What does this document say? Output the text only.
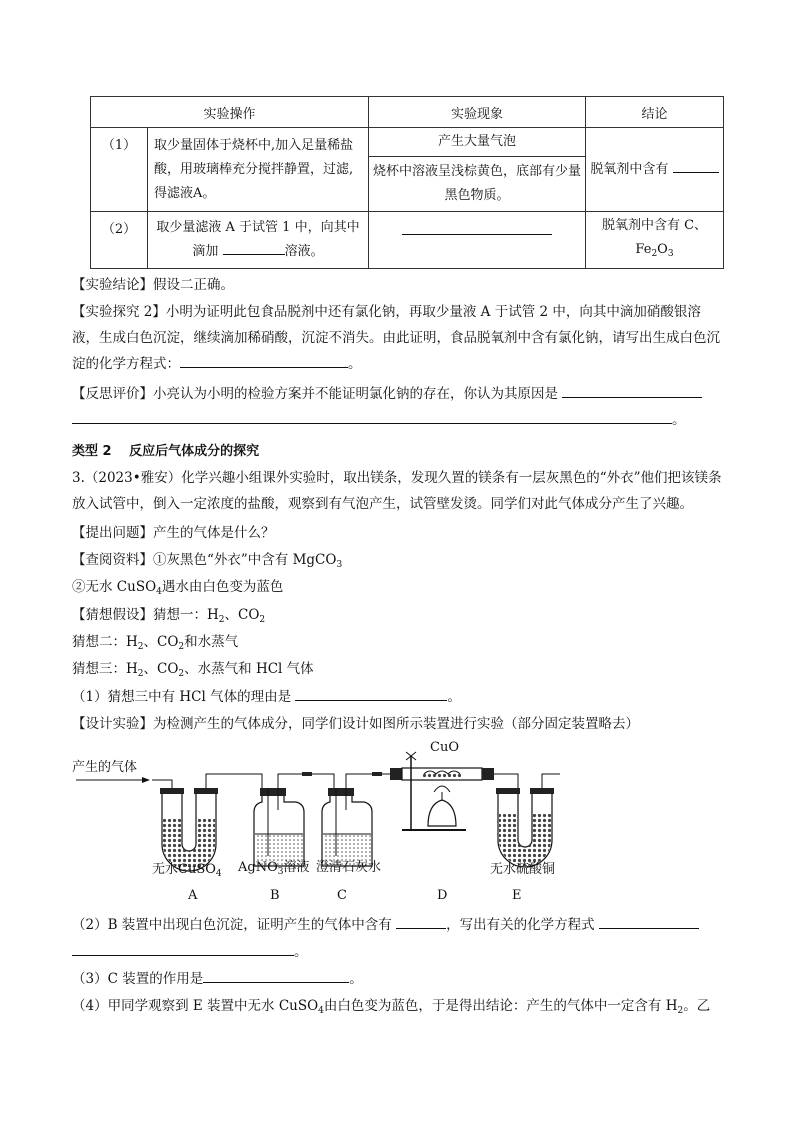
实验操作		实验现象	结论
（1）	取少量固体于烧杯中,加入足量稀盐酸，用玻璃棒充分搅拌静置，过滤,得滤液A。	产生大量气泡	脱氧剂中含有
		烧杯中溶液呈浅棕黄色，底部有少量黑色物质。	
（2）	取少量滤液 A 于试管 1 中，向其中滴加 溶液。		脱氧剂中含有 C、$Fe_2O_3$
【实验结论】假设二正确。
【实验探究 2】小明为证明此包食品脱剂中还有氯化钠，再取少量液 A 于试管 2 中，向其中滴加硝酸银溶液，生成白色沉淀，继续滴加稀硝酸，沉淀不消失。由此证明，食品脱氧剂中含有氯化钠，请写出生成白色沉淀的化学方程式：	。
【反思评价】小亮认为小明的检验方案并不能证明氯化钠的存在，你认为其原因是
。
类型 2　 反应后气体成分的探究
3.（2023•雅安）化学兴趣小组课外实验时，取出镁条，发现久置的镁条有一层灰黑色的“外衣”他们把该镁条放入试管中，倒入一定浓度的盐酸，观察到有气泡产生，试管壁发烫。同学们对此气体成分产生了兴趣。
【提出问题】产生的气体是什么？
【查阅资料】①灰黑色“外衣”中含有 MgCO$_3$
②无水 CuSO$_4$遇水由白色变为蓝色
【猜想假设】猜想一：$H_2$、$CO_2$
猜想二：$H_2$、$CO_2$和水蒸气
猜想三：$H_2$、$CO_2$、水蒸气和 HCl 气体
（1）猜想三中有 HCl 气体的理由是	。
【设计实验】为检测产生的气体成分，同学们设计如图所示装置进行实验（部分固定装置略去）
产生的气体
CuO
无水CuSO$_4$ AgNO$_3$溶液 澄清石灰水	无水硫酸铜
A	B	C	D	E
（2）B 装置中出现白色沉淀，证明产生的气体中含有	，写出有关的化学方程式
。
（3）C 装置的作用是	。
（4）甲同学观察到 E 装置中无水 CuSO$_4$由白色变为蓝色，于是得出结论：产生的气体中一定含有 $H_2$。乙
